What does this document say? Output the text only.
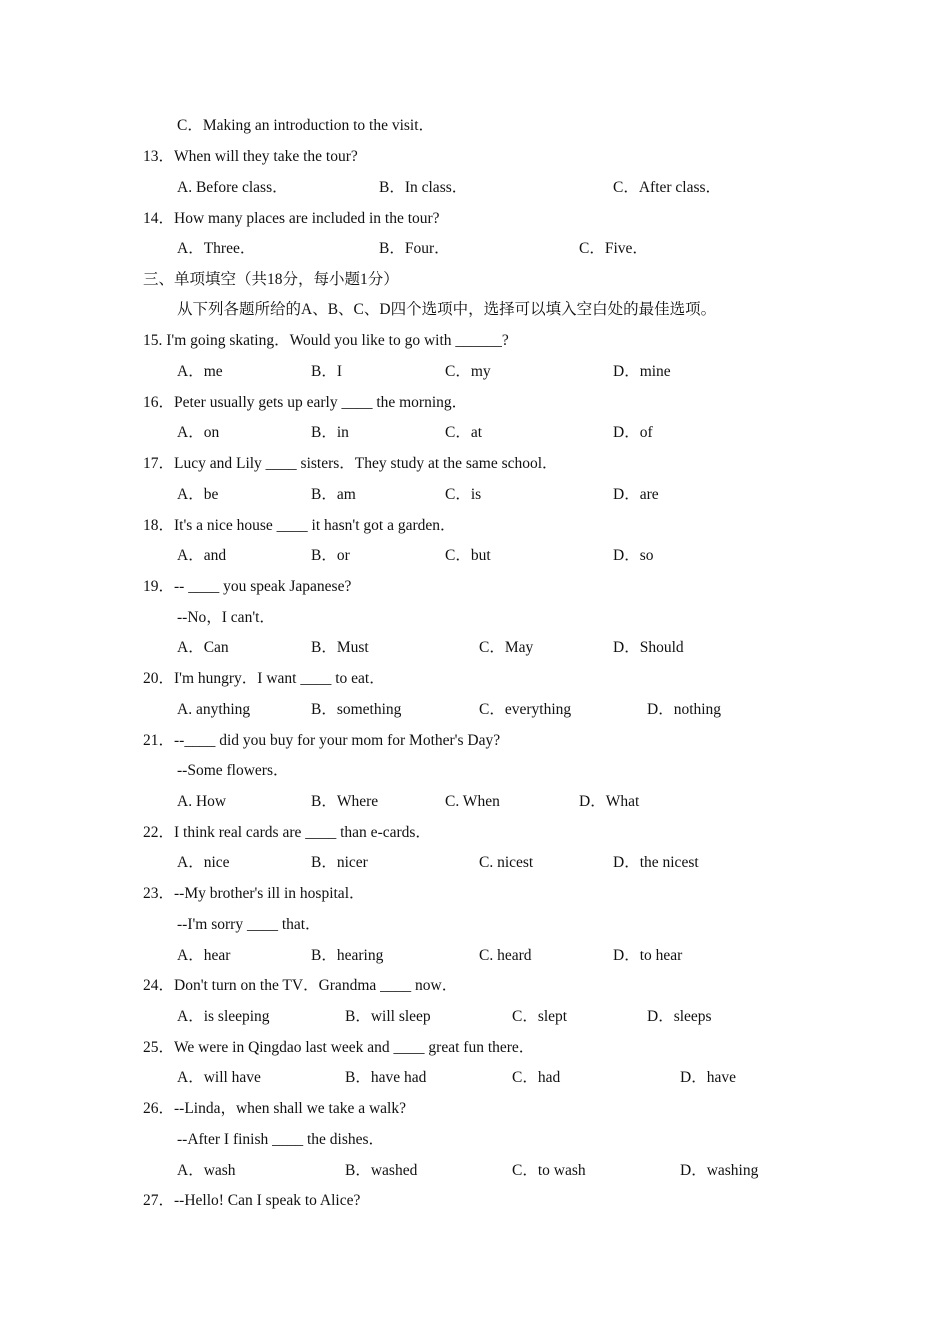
C．Making an introduction to the visit．
13．When will they take the tour?
A. Before class．	B．In class．	C．After class．
14．How many places are included in the tour?
A．Three．	B．Four．	C．Five．
三、单项填空（共18分，每小题1分）
从下列各题所给的A、B、C、D四个选项中，选择可以填入空白处的最佳选项。
15. I'm going skating．Would you like to go with ______?
A．me	B．I	C．my	D．mine
16．Peter usually gets up early ____ the morning．
A．on	B．in	C．at	D．of
17．Lucy and Lily ____ sisters．They study at the same school．
A．be	B．am	C．is	D．are
18．It's a nice house ____ it hasn't got a garden．
A．and	B．or	C．but	D．so
19．-- ____ you speak Japanese?
--No，I can't．
A．Can	B．Must	C．May	D．Should
20．I'm hungry．I want ____ to eat．
A. anything	B．something	C．everything	D．nothing
21．--____ did you buy for your mom for Mother's Day?
--Some flowers．
A. How	B．Where	C. When	D．What
22．I think real cards are ____ than e-cards．
A．nice	B．nicer	C. nicest	D．the nicest
23．--My brother's ill in hospital．
--I'm sorry ____ that．
A．hear	B．hearing	C. heard	D．to hear
24．Don't turn on the TV．Grandma ____ now．
A．is sleeping	B．will sleep	C．slept	D．sleeps
25．We were in Qingdao last week and ____ great fun there．
A．will have	B．have had	C．had	D．have
26．--Linda，when shall we take a walk?
--After I finish ____ the dishes．
A．wash	B．washed	C．to wash	D．washing
27．--Hello! Can I speak to Alice?
